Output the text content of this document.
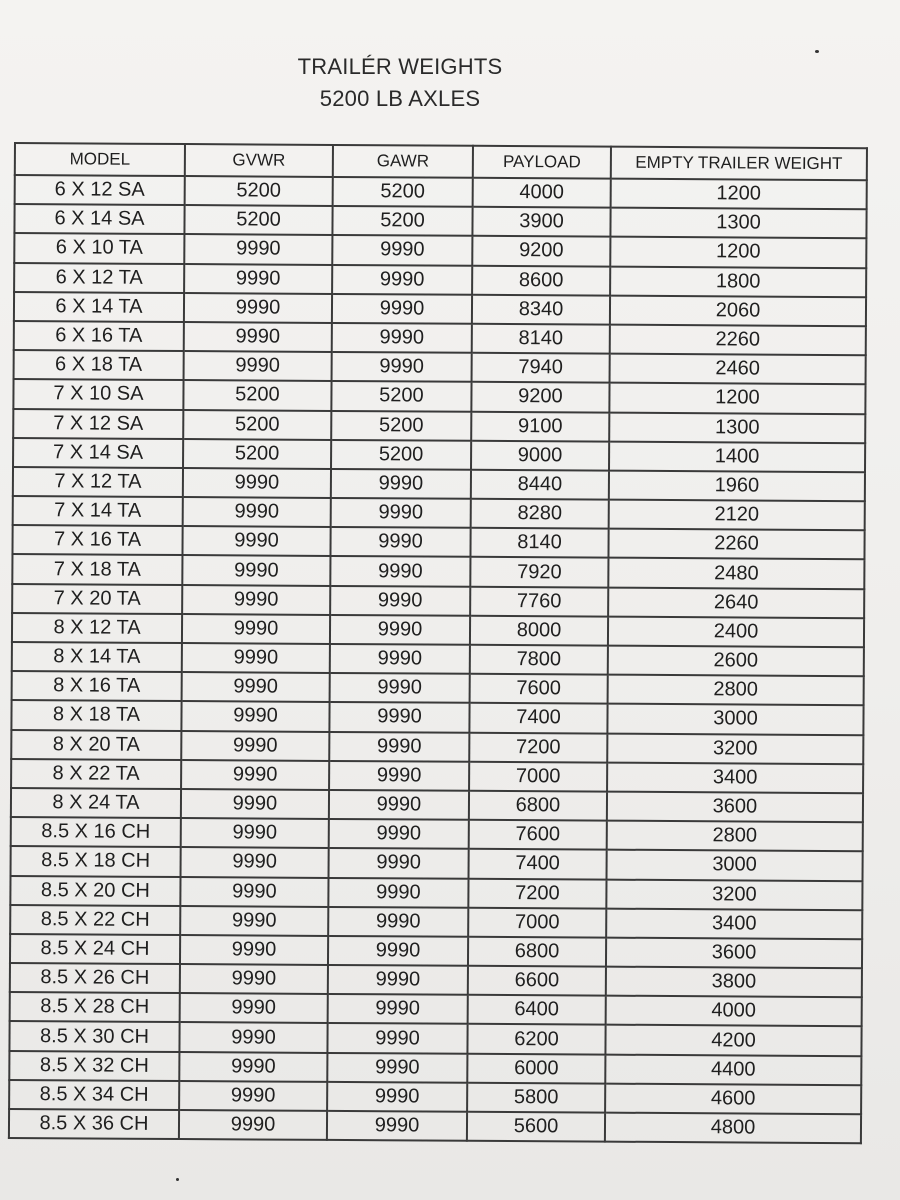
TRAILÉR WEIGHTS
5200 LB AXLES
MODEL	GVWR	GAWR	PAYLOAD	EMPTY TRAILER WEIGHT
6 X 12 SA	5200	5200	4000	1200
6 X 14 SA	5200	5200	3900	1300
6 X 10 TA	9990	9990	9200	1200
6 X 12 TA	9990	9990	8600	1800
6 X 14 TA	9990	9990	8340	2060
6 X 16 TA	9990	9990	8140	2260
6 X 18 TA	9990	9990	7940	2460
7 X 10 SA	5200	5200	9200	1200
7 X 12 SA	5200	5200	9100	1300
7 X 14 SA	5200	5200	9000	1400
7 X 12 TA	9990	9990	8440	1960
7 X 14 TA	9990	9990	8280	2120
7 X 16 TA	9990	9990	8140	2260
7 X 18 TA	9990	9990	7920	2480
7 X 20 TA	9990	9990	7760	2640
8 X 12 TA	9990	9990	8000	2400
8 X 14 TA	9990	9990	7800	2600
8 X 16 TA	9990	9990	7600	2800
8 X 18 TA	9990	9990	7400	3000
8 X 20 TA	9990	9990	7200	3200
8 X 22 TA	9990	9990	7000	3400
8 X 24 TA	9990	9990	6800	3600
8.5 X 16 CH	9990	9990	7600	2800
8.5 X 18 CH	9990	9990	7400	3000
8.5 X 20 CH	9990	9990	7200	3200
8.5 X 22 CH	9990	9990	7000	3400
8.5 X 24 CH	9990	9990	6800	3600
8.5 X 26 CH	9990	9990	6600	3800
8.5 X 28 CH	9990	9990	6400	4000
8.5 X 30 CH	9990	9990	6200	4200
8.5 X 32 CH	9990	9990	6000	4400
8.5 X 34 CH	9990	9990	5800	4600
8.5 X 36 CH	9990	9990	5600	4800
